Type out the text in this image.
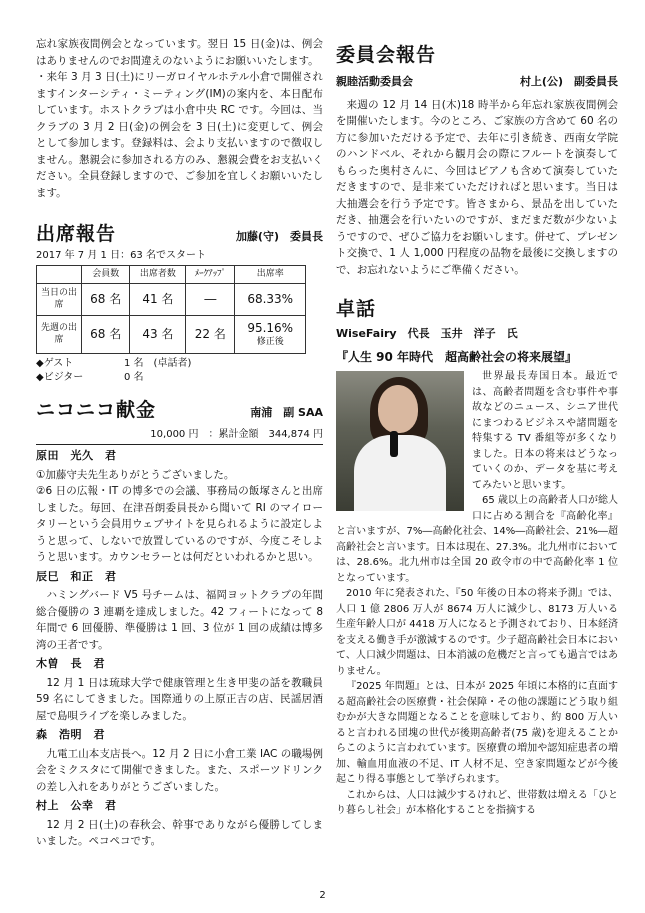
忘れ家族夜間例会となっています。翌日 15 日(金)は、例会はありませんのでお間違えのないようにお願いいたします。

・来年 3 月 3 日(土)にリーガロイヤルホテル小倉で開催されますインターシティ・ミーティング(IM)の案内を、本日配布しています。ホストクラブは小倉中央 RC です。今回は、当クラブの 3 月 2 日(金)の例会を 3 日(土)に変更して、例会として参加します。登録料は、会より支払いますので徴収しません。懇親会に参加される方のみ、懇親会費をお支払いください。全員登録しますので、ご参加を宜しくお願いいたします。

出席報告	加藤(守)　委員長

2017 年 7 月 1 日：63 名でスタート

	会員数	出席者数	ﾒｰｸｱｯﾌﾟ	出席率
当日の出席	68 名	41 名	―	68.33%
先週の出席	68 名	43 名	22 名	95.16%
修正後
◆ゲスト	1 名　(卓話者)
◆ビジター	0 名
ニコニコ献金	南浦　副 SAA
10,000 円 ：累計金額　344,874 円
原田　光久　君

①加藤守夫先生ありがとうございました。

②6 日の広報・IT の博多での会議、事務局の飯塚さんと出席しました。毎回、在津吾朗委員長から聞いて RI のマイロータリーという会員用ウェブサイトを見られるように設定しようと思って、しないで放置しているのですが、今度こそしようと思います。カウンセラーとは何だといわれるかと思い。

辰巳　和正　君

ハミングバード V5 号チームは、福岡ヨットクラブの年間総合優勝の 3 連覇を達成しました。42 フィートになって 8 年間で 6 回優勝、準優勝は 1 回、3 位が 1 回の成績は博多湾の王者です。

木曽　長　君

12 月 1 日は琉球大学で健康管理と生き甲斐の話を教職員 59 名にしてきました。国際通りの上原正吉の店、民謡居酒屋で島唄ライブを楽しみました。

森　浩明　君

九電工山本支店長へ。12 月 2 日に小倉工業 IAC の職場例会をミクスタにて開催できました。また、スポーツドリンクの差し入れをありがとうございました。

村上　公幸　君

12 月 2 日(土)の春秋会、幹事でありながら優勝してしまいました。ペコペコです。

委員会報告
親睦活動委員会	村上(公)　副委員長

来週の 12 月 14 日(木)18 時半から年忘れ家族夜間例会を開催いたします。今のところ、ご家族の方含めて 60 名の方に参加いただける予定で、去年に引き続き、西南女学院のハンドベル、それから観月会の際にフルートを演奏してもらった奥村さんに、今回はピアノも含めて演奏していただきますので、是非来ていただければと思います。当日は大抽選会を行う予定です。皆さまから、景品を出していただき、抽選会を行いたいのですが、まだまだ数が少ないようですので、ぜひご協力をお願いします。併せて、プレゼント交換で、1 人 1,000 円程度の品物を最後に交換しますので、お忘れないようにご準備ください。

卓話
WiseFairy　代長　玉井　洋子　氏
『人生 90 年時代　超高齢社会の将来展望』

世界最長寿国日本。最近では、高齢者問題を含む事件や事故などのニュース、シニア世代にまつわるビジネスや諸問題を特集する TV 番組等が多くなりました。日本の将来はどうなっていくのか、データを基に考えてみたいと思います。

65 歳以上の高齢者人口が総人口に占める割合を『高齢化率』と言いますが、7%―高齢化社会、14%―高齢社会、21%―超高齢社会と言います。日本は現在、27.3%。北九州市においては、28.6%。北九州市は全国 20 政令市の中で高齢化率 1 位となっています。

2010 年に発表された、『50 年後の日本の将来予測』では、人口 1 億 2806 万人が 8674 万人に減少し、8173 万人いる生産年齢人口が 4418 万人になると予測されており、日本経済を支える働き手が激減するのです。少子超高齢社会日本において、人口減少問題は、日本消滅の危機だと言っても過言ではありません。

『2025 年問題』とは、日本が 2025 年頃に本格的に直面する超高齢社会の医療費・社会保障・その他の課題にどう取り組むかが大きな問題となることを意味しており、約 800 万人いると言われる団塊の世代が後期高齢者(75 歳)を迎えることからこのように言われています。医療費の増加や認知症患者の増加、輸血用血液の不足、IT 人材不足、空き家問題などが今後起こり得る事態として挙げられます。

これからは、人口は減少するけれど、世帯数は増える「ひとり暮らし社会」が本格化することを指摘する

2
